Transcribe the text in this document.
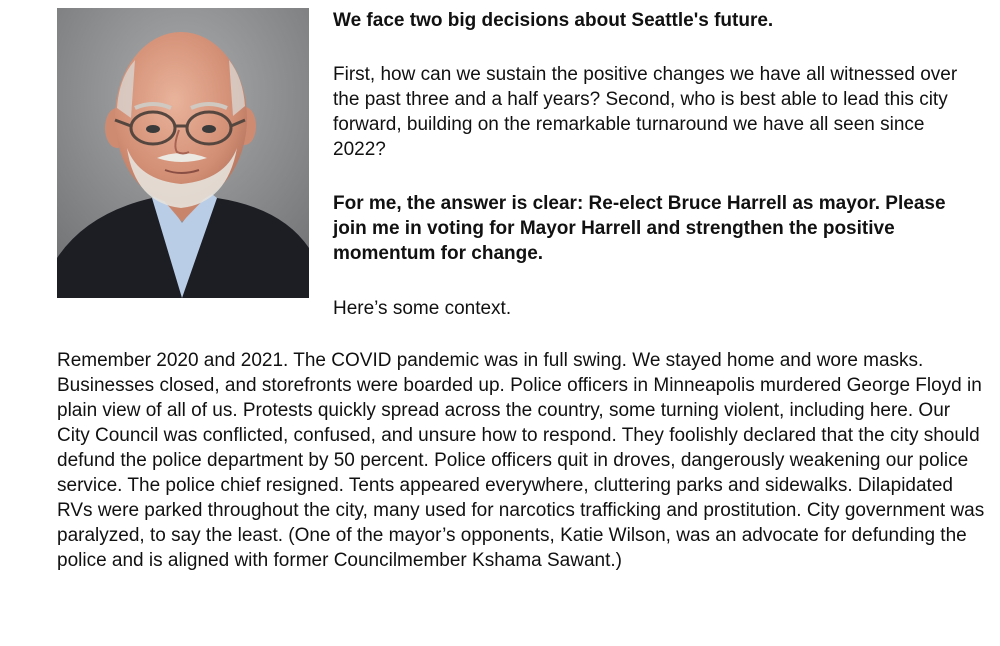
We face two big decisions about Seattle's future.

First, how can we sustain the positive changes we have all witnessed over the past three and a half years? Second, who is best able to lead this city forward, building on the remarkable turnaround we have all seen since 2022?

For me, the answer is clear: Re-elect Bruce Harrell as mayor. Please join me in voting for Mayor Harrell and strengthen the positive momentum for change.

Here’s some context.

Remember 2020 and 2021. The COVID pandemic was in full swing. We stayed home and wore masks. Businesses closed, and storefronts were boarded up. Police officers in Minneapolis murdered George Floyd in plain view of all of us. Protests quickly spread across the country, some turning violent, including here. Our City Council was conflicted, confused, and unsure how to respond. They foolishly declared that the city should defund the police department by 50 percent. Police officers quit in droves, dangerously weakening our police service. The police chief resigned. Tents appeared everywhere, cluttering parks and sidewalks. Dilapidated RVs were parked throughout the city, many used for narcotics trafficking and prostitution. City government was paralyzed, to say the least. (One of the mayor’s opponents, Katie Wilson, was an advocate for defunding the police and is aligned with former Councilmember Kshama Sawant.)
